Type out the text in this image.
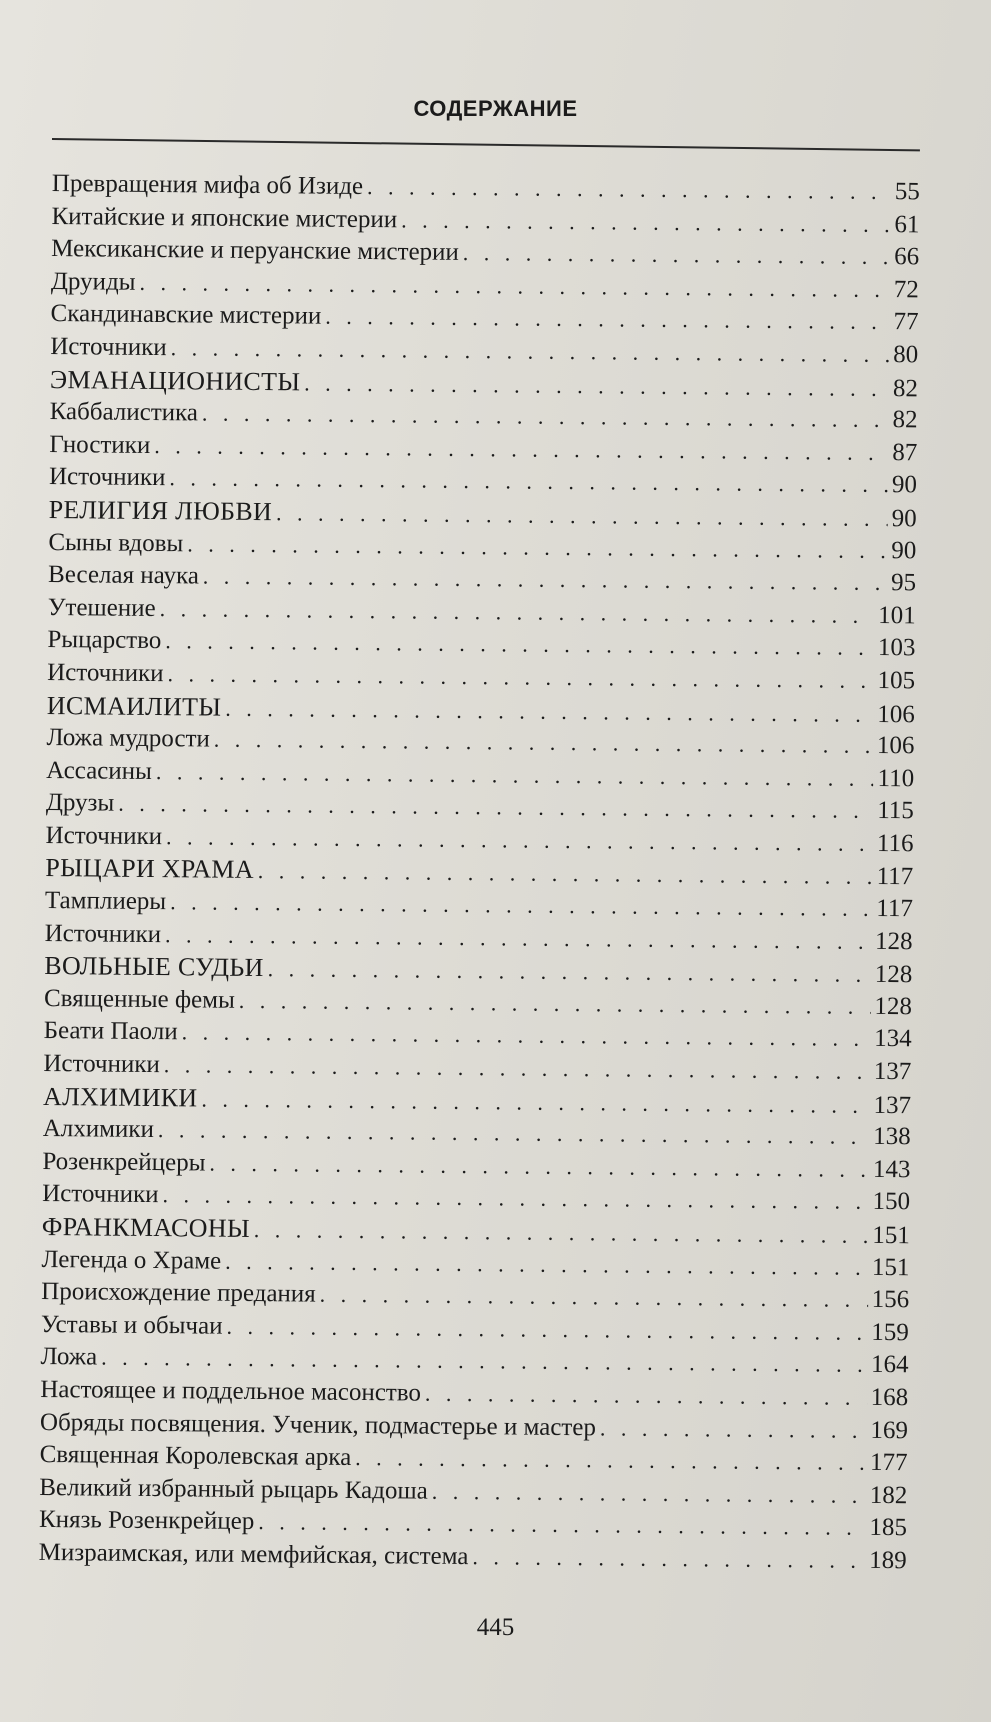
СОДЕРЖАНИЕ
Превращения мифа об Изиде . . .	55
Китайские и японские мистерии . . .	61
Мексиканские и перуанские мистерии . . .	66
Друиды . . .	72
Скандинавские мистерии . . .	77
Источники . . .	80
ЭМАНАЦИОНИСТЫ . . .	82
Каббалистика . . .	82
Гностики . . .	87
Источники . . .	90
РЕЛИГИЯ ЛЮБВИ . . .	90
Сыны вдовы . . .	90
Веселая наука . . .	95
Утешение . . .	101
Рыцарство . . .	103
Источники . . .	105
ИСМАИЛИТЫ . . .	106
Ложа мудрости . . .	106
Ассасины . . .	110
Друзы . . .	115
Источники . . .	116
РЫЦАРИ ХРАМА . . .	117
Тамплиеры . . .	117
Источники . . .	128
ВОЛЬНЫЕ СУДЬИ . . .	128
Священные фемы . . .	128
Беати Паоли . . .	134
Источники . . .	137
АЛХИМИКИ . . .	137
Алхимики . . .	138
Розенкрейцеры . . .	143
Источники . . .	150
ФРАНКМАСОНЫ . . .	151
Легенда о Храме . . .	151
Происхождение предания . . .	156
Уставы и обычаи . . .	159
Ложа . . .	164
Настоящее и поддельное масонство . . .	168
Обряды посвящения. Ученик, подмастерье и мастер . . .	169
Священная Королевская арка . . .	177
Великий избранный рыцарь Кадоша . . .	182
Князь Розенкрейцер . . .	185
Мизраимская, или мемфийская, система . . .	189
445
